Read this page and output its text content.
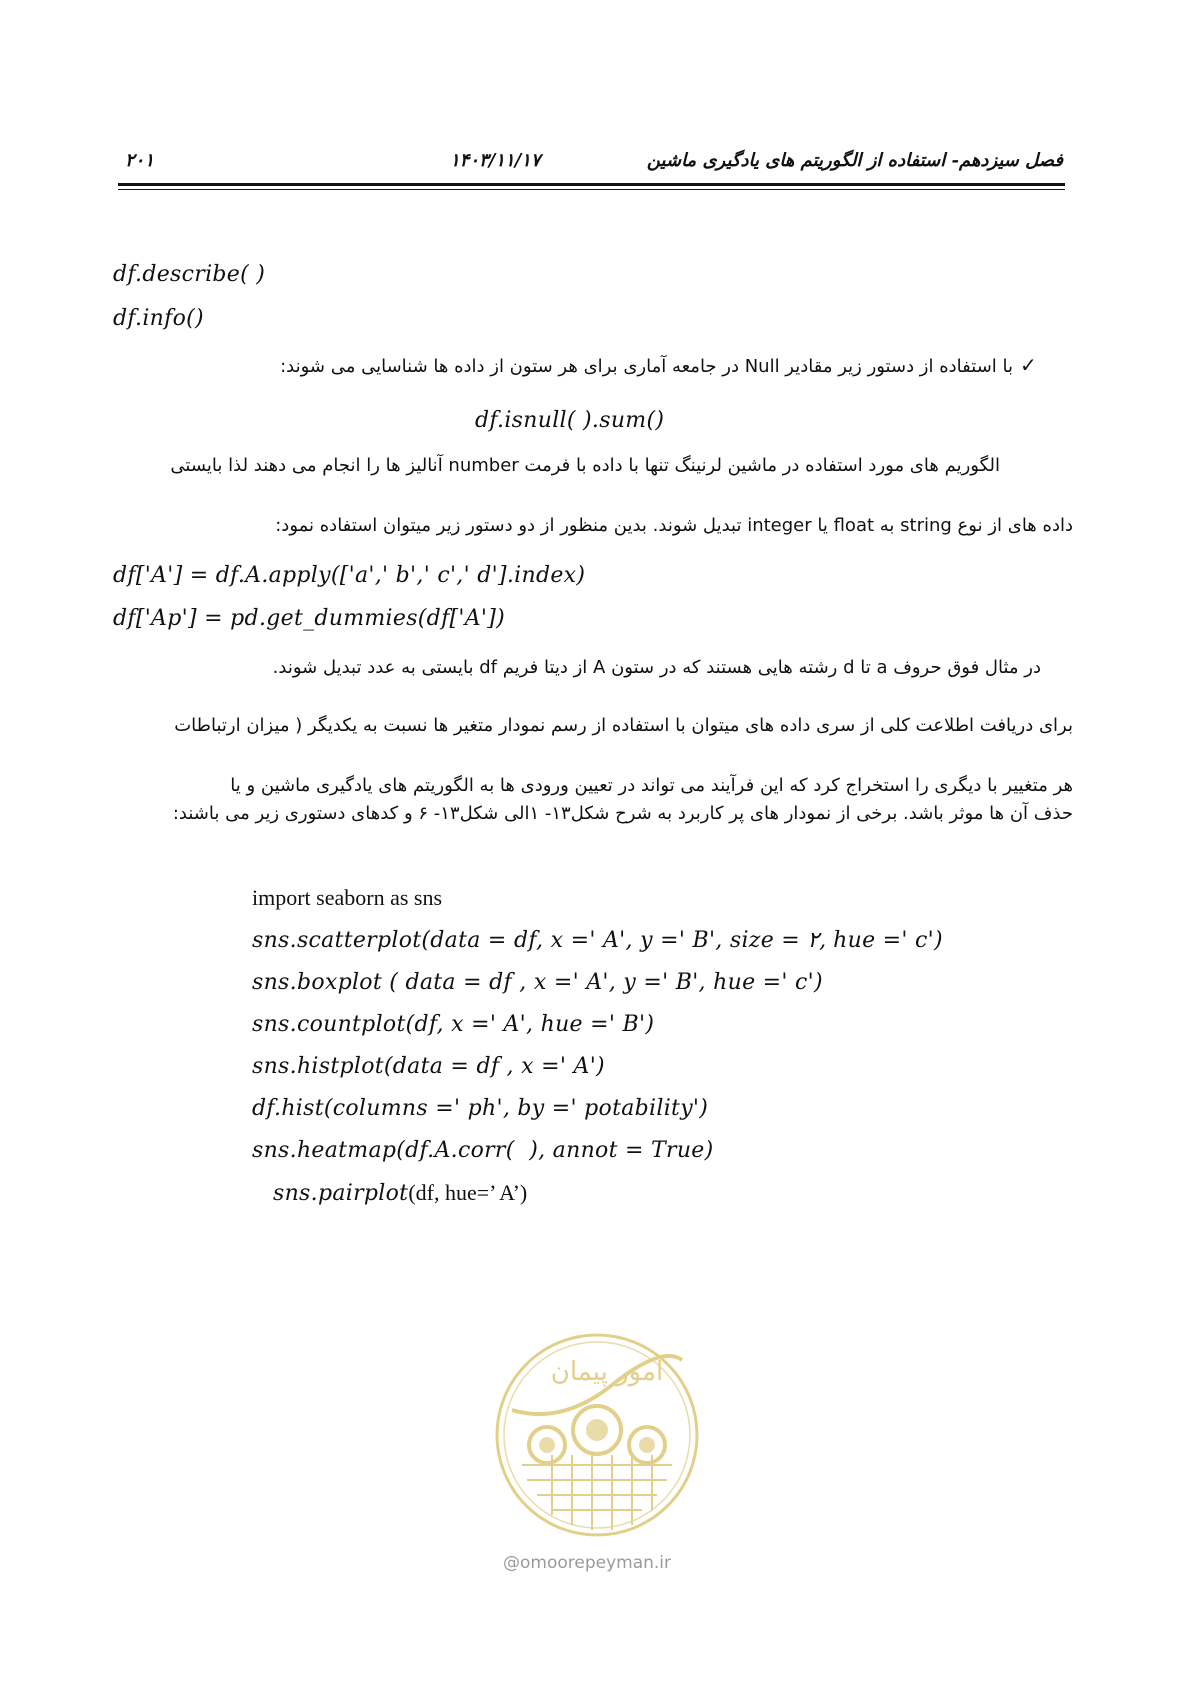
۲۰۱	۱۴۰۳/۱۱/۱۷	فصل سیزدهم- استفاده از الگوریتم های یادگیری ماشین
df.describe( )
df.info()
با استفاده از دستور زیر مقادیر Null در جامعه آماری برای هر ستون از داده ها شناسایی می شوند: ✓
df.isnull( ).sum()
الگوریم های مورد استفاده در ماشین لرنینگ تنها با داده با فرمت number آنالیز ها را انجام می دهند لذا بایستی
داده های از نوع string به float یا integer تبدیل شوند. بدین منظور از دو دستور زیر میتوان استفاده نمود:
df['A'] = df.A.apply(['a',' b',' c',' d'].index)
df['Ap'] = pd.get_dummies(df['A'])
در مثال فوق حروف a تا d رشته هایی هستند که در ستون A از دیتا فریم df بایستی به عدد تبدیل شوند.
برای دریافت اطلاعت کلی از سری داده های میتوان با استفاده از رسم نمودار متغیر ها نسبت به یکدیگر ( میزان ارتباطات
هر متغییر با دیگری را استخراج کرد که این فرآیند می تواند در تعیین ورودی ها به الگوریتم های یادگیری ماشین و یا
حذف آن ها موثر باشد. برخی از نمودار های پر کاربرد به شرح شکل۱۳- ۱الی شکل۱۳- ۶ و کدهای دستوری زیر می باشند:
import seaborn as sns
sns.scatterplot(data = df, x =' A', y =' B', size = ۲, hue =' c')
sns.boxplot ( data = df , x =' A', y =' B', hue =' c')
sns.countplot(df, x =' A', hue =' B')
sns.histplot(data = df , x =' A')
df.hist(columns =' ph', by =' potability')
sns.heatmap(df.A.corr(  ), annot = True)
sns.pairplot(df, hue=’ A’)
امور پیمان
@omoorepeyman.ir
